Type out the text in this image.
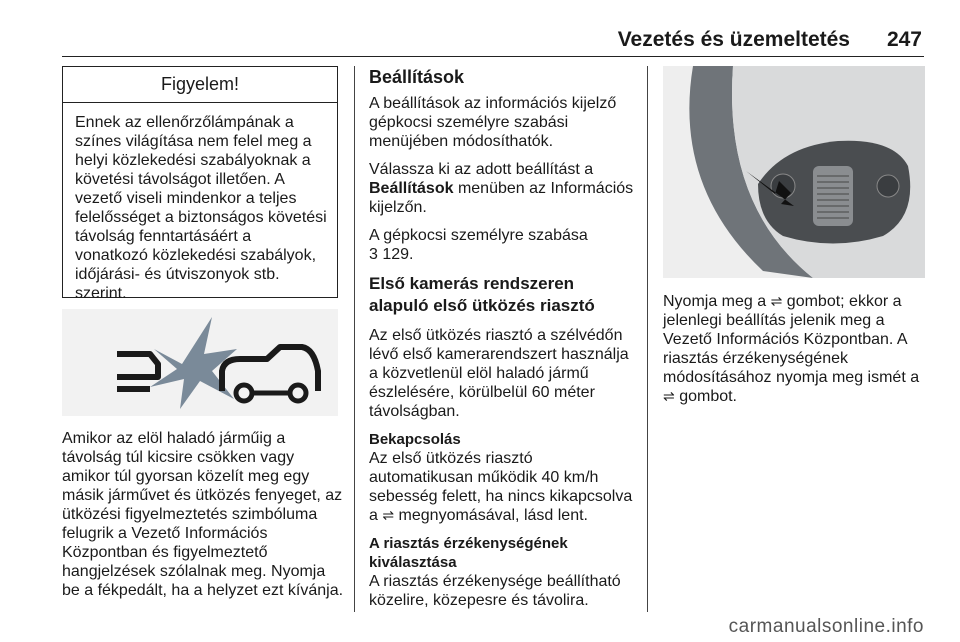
Vezetés és üzemeltetés 247
Figyelem!
Ennek az ellenőrzőlámpának a színes világítása nem felel meg a helyi közlekedési szabályoknak a követési távolságot illetően. A vezető viseli mindenkor a teljes felelősséget a biztonságos követési távolság fenntartásáért a vonatkozó közlekedési szabályok, időjárási- és útviszonyok stb. szerint.
Amikor az elöl haladó járműig a távolság túl kicsire csökken vagy amikor túl gyorsan közelít meg egy másik járművet és ütközés fenyeget, az ütközési figyelmeztetés szimbóluma felugrik a Vezető Információs Központban és figyelmeztető hangjelzések szólalnak meg. Nyomja be a fékpedált, ha a helyzet ezt kívánja.

Beállítások

A beállítások az információs kijelző gépkocsi személyre szabási menüjében módosíthatók.

Válassza ki az adott beállítást a Beállítások menüben az Információs kijelzőn.

A gépkocsi személyre szabása
3 129.

Első kamerás rendszeren alapuló első ütközés riasztó

Az első ütközés riasztó a szélvédőn lévő első kamerarendszert használja a közvetlenül elöl haladó jármű észlelésére, körülbelül 60 méter távolságban.

Bekapcsolás

Az első ütközés riasztó automatikusan működik 40 km/h sebesség felett, ha nincs kikapcsolva a ⇌ megnyomásával, lásd lent.

A riasztás érzékenységének kiválasztása

A riasztás érzékenysége beállítható közelire, közepesre és távolira.

Nyomja meg a ⇌ gombot; ekkor a jelenlegi beállítás jelenik meg a Vezető Információs Központban. A riasztás érzékenységének módosításához nyomja meg ismét a ⇌ gombot.
carmanualsonline.info
